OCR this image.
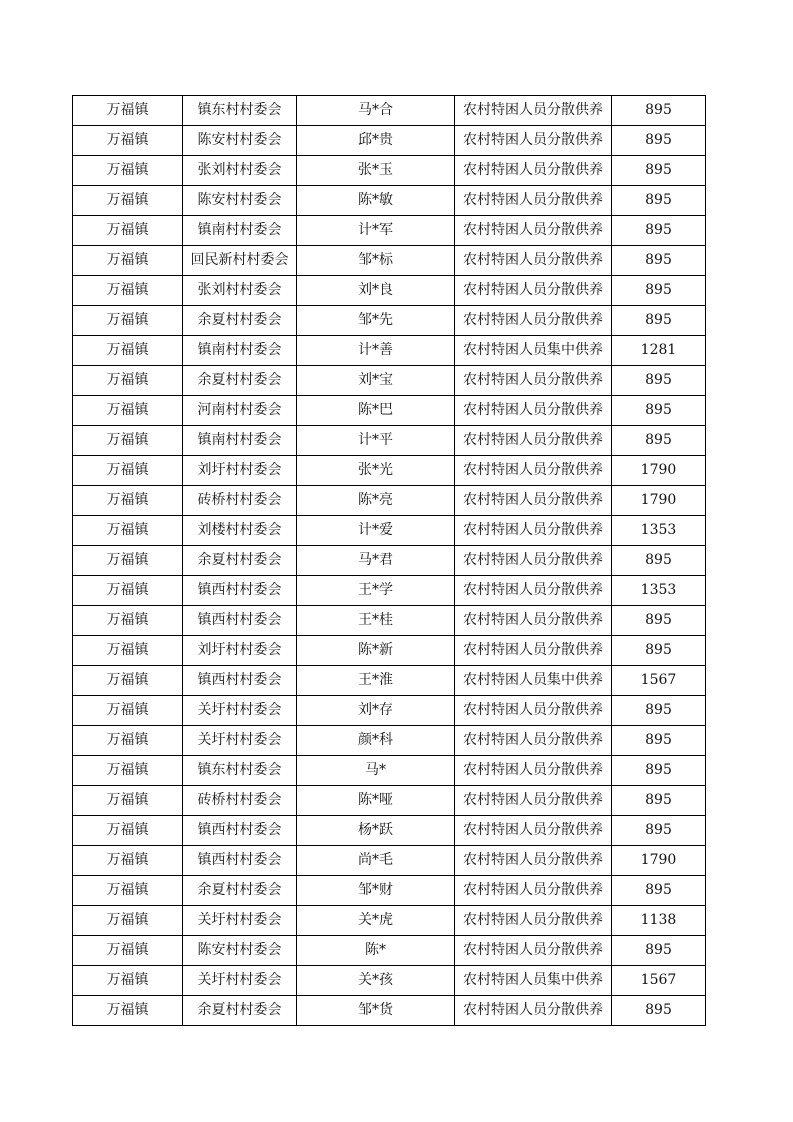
万福镇	镇东村村委会	马*合	农村特困人员分散供养	895
万福镇	陈安村村委会	邱*贵	农村特困人员分散供养	895
万福镇	张刘村村委会	张*玉	农村特困人员分散供养	895
万福镇	陈安村村委会	陈*敏	农村特困人员分散供养	895
万福镇	镇南村村委会	计*军	农村特困人员分散供养	895
万福镇	回民新村村委会	邹*标	农村特困人员分散供养	895
万福镇	张刘村村委会	刘*良	农村特困人员分散供养	895
万福镇	余夏村村委会	邹*先	农村特困人员分散供养	895
万福镇	镇南村村委会	计*善	农村特困人员集中供养	1281
万福镇	余夏村村委会	刘*宝	农村特困人员分散供养	895
万福镇	河南村村委会	陈*巴	农村特困人员分散供养	895
万福镇	镇南村村委会	计*平	农村特困人员分散供养	895
万福镇	刘圩村村委会	张*光	农村特困人员分散供养	1790
万福镇	砖桥村村委会	陈*亮	农村特困人员分散供养	1790
万福镇	刘楼村村委会	计*爱	农村特困人员分散供养	1353
万福镇	余夏村村委会	马*君	农村特困人员分散供养	895
万福镇	镇西村村委会	王*学	农村特困人员分散供养	1353
万福镇	镇西村村委会	王*桂	农村特困人员分散供养	895
万福镇	刘圩村村委会	陈*新	农村特困人员分散供养	895
万福镇	镇西村村委会	王*淮	农村特困人员集中供养	1567
万福镇	关圩村村委会	刘*存	农村特困人员分散供养	895
万福镇	关圩村村委会	颜*科	农村特困人员分散供养	895
万福镇	镇东村村委会	马*	农村特困人员分散供养	895
万福镇	砖桥村村委会	陈*哑	农村特困人员分散供养	895
万福镇	镇西村村委会	杨*跃	农村特困人员分散供养	895
万福镇	镇西村村委会	尚*毛	农村特困人员分散供养	1790
万福镇	余夏村村委会	邹*财	农村特困人员分散供养	895
万福镇	关圩村村委会	关*虎	农村特困人员分散供养	1138
万福镇	陈安村村委会	陈*	农村特困人员分散供养	895
万福镇	关圩村村委会	关*孩	农村特困人员集中供养	1567
万福镇	余夏村村委会	邹*货	农村特困人员分散供养	895
